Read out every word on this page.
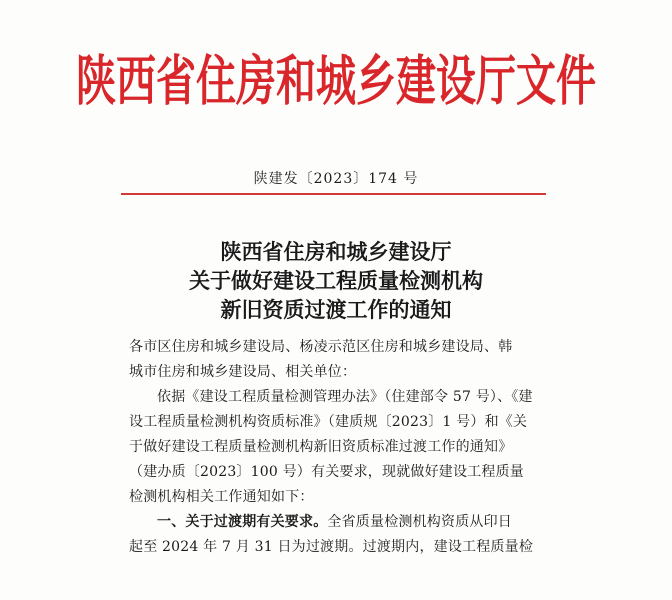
陕西省住房和城乡建设厅文件
陕建发〔2023〕174 号
陕西省住房和城乡建设厅
关于做好建设工程质量检测机构
新旧资质过渡工作的通知
各市区住房和城乡建设局、杨凌示范区住房和城乡建设局、韩
城市住房和城乡建设局、相关单位：
依据《建设工程质量检测管理办法》（住建部令 57 号）、《建
设工程质量检测机构资质标准》（建质规〔2023〕1 号）和《关
于做好建设工程质量检测机构新旧资质标准过渡工作的通知》
（建办质〔2023〕100 号）有关要求，现就做好建设工程质量
检测机构相关工作通知如下：
一、关于过渡期有关要求。全省质量检测机构资质从印日
起至 2024 年 7 月 31 日为过渡期。过渡期内，建设工程质量检
